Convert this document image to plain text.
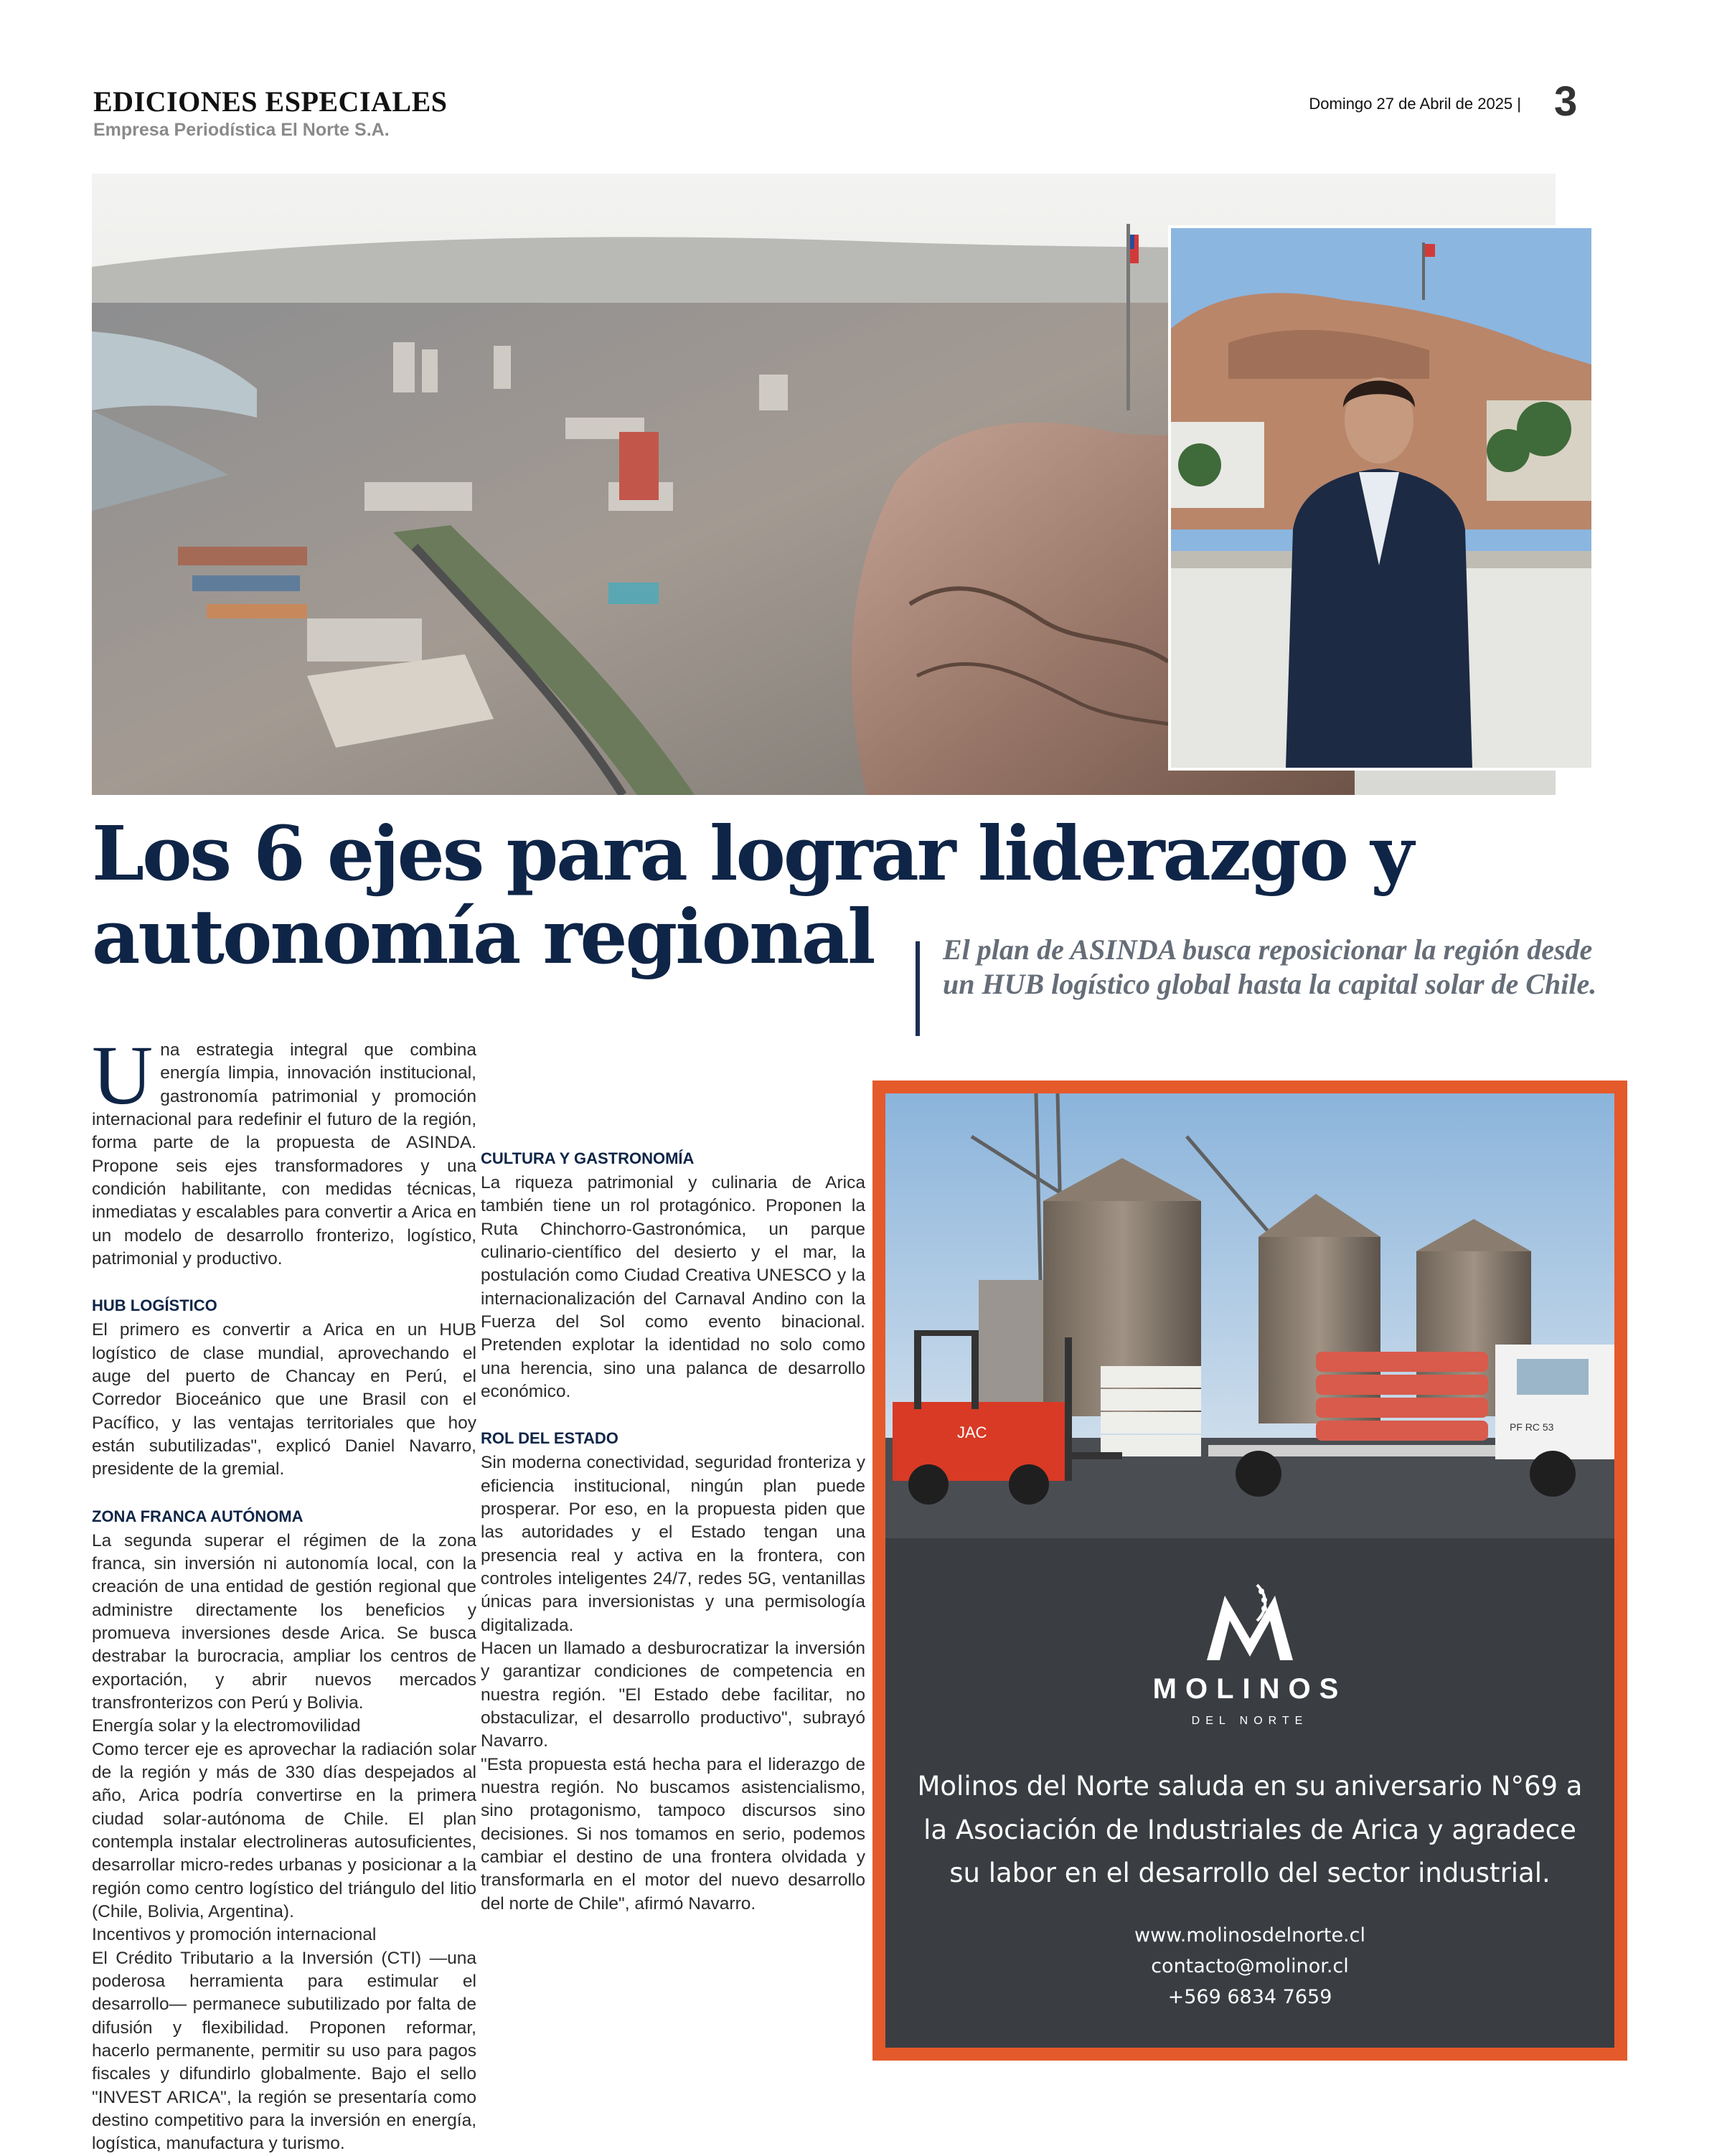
EDICIONES ESPECIALES
Empresa Periodística El Norte S.A.
Domingo 27 de Abril de 2025 | 3
Los 6 ejes para lograr liderazgo y autonomía regional	El plan de ASINDA busca reposicionar la región desde un HUB logístico global hasta la capital solar de Chile.

Una estrategia integral que combina energía limpia, innovación institucional, gastronomía patrimonial y promoción internacional para redefinir el futuro de la región, forma parte de la propuesta de ASINDA. Propone seis ejes transformadores y una condición habilitante, con medidas técnicas, inmediatas y escalables para convertir a Arica en un modelo de desarrollo fronterizo, logístico, patrimonial y productivo.

HUB LOGÍSTICO

El primero es convertir a Arica en un HUB logístico de clase mundial, aprovechando el auge del puerto de Chancay en Perú, el Corredor Bioceánico que une Brasil con el Pacífico, y las ventajas territoriales que hoy están subutilizadas", explicó Daniel Navarro, presidente de la gremial.

ZONA FRANCA AUTÓNOMA

La segunda superar el régimen de la zona franca, sin inversión ni autonomía local, con la creación de una entidad de gestión regional que administre directamente los beneficios y promueva inversiones desde Arica. Se busca destrabar la burocracia, ampliar los centros de exportación, y abrir nuevos mercados transfronterizos con Perú y Bolivia.

Energía solar y la electromovilidad

Como tercer eje es aprovechar la radiación solar de la región y más de 330 días despejados al año, Arica podría convertirse en la primera ciudad solar-autónoma de Chile. El plan contempla instalar electrolineras autosuficientes, desarrollar micro-redes urbanas y posicionar a la región como centro logístico del triángulo del litio (Chile, Bolivia, Argentina).

Incentivos y promoción internacional

El Crédito Tributario a la Inversión (CTI) —una poderosa herramienta para estimular el desarrollo— permanece subutilizado por falta de difusión y flexibilidad. Proponen reformar, hacerlo permanente, permitir su uso para pagos fiscales y difundirlo globalmente. Bajo el sello "INVEST ARICA", la región se presentaría como destino competitivo para la inversión en energía, logística, manufactura y turismo.

CULTURA Y GASTRONOMÍA

La riqueza patrimonial y culinaria de Arica también tiene un rol protagónico. Proponen la Ruta Chinchorro-Gastronómica, un parque culinario-científico del desierto y el mar, la postulación como Ciudad Creativa UNESCO y la internacionalización del Carnaval Andino con la Fuerza del Sol como evento binacional. Pretenden explotar la identidad no solo como una herencia, sino una palanca de desarrollo económico.

ROL DEL ESTADO

Sin moderna conectividad, seguridad fronteriza y eficiencia institucional, ningún plan puede prosperar. Por eso, en la propuesta piden que las autoridades y el Estado tengan una presencia real y activa en la frontera, con controles inteligentes 24/7, redes 5G, ventanillas únicas para inversionistas y una permisología digitalizada.

Hacen un llamado a desburocratizar la inversión y garantizar condiciones de competencia en nuestra región. "El Estado debe facilitar, no obstaculizar, el desarrollo productivo", subrayó Navarro.

"Esta propuesta está hecha para el liderazgo de nuestra región. No buscamos asistencialismo, sino protagonismo, tampoco discursos sino decisiones. Si nos tomamos en serio, podemos cambiar el destino de una frontera olvidada y transformarla en el motor del nuevo desarrollo del norte de Chile", afirmó Navarro.

JAC	PF RC 53
MOLINOS
DEL NORTE
Molinos del Norte saluda en su aniversario N°69 a la Asociación de Industriales de Arica y agradece su labor en el desarrollo del sector industrial.
www.molinosdelnorte.cl
contacto@molinor.cl
+569 6834 7659
